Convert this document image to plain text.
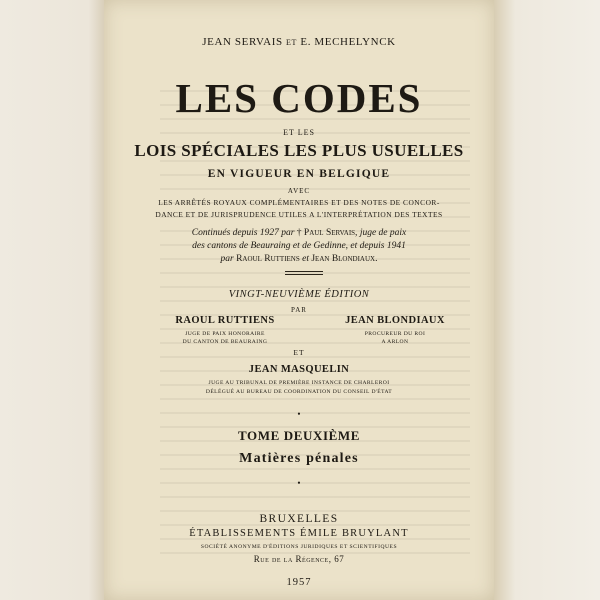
JEAN SERVAIS ET E. MECHELYNCK
LES CODES
ET LES
LOIS SPÉCIALES LES PLUS USUELLES
EN VIGUEUR EN BELGIQUE
AVEC
LES ARRÊTÉS ROYAUX COMPLÉMENTAIRES ET DES NOTES DE CONCOR-
DANCE ET DE JURISPRUDENCE UTILES A L'INTERPRÉTATION DES TEXTES
Continués depuis 1927 par † Paul Servais, juge de paix
des cantons de Beauraing et de Gedinne, et depuis 1941
par Raoul Ruttiens et Jean Blondiaux.
VINGT-NEUVIÈME ÉDITION
PAR
RAOUL RUTTIENS
JUGE DE PAIX HONORAIRE
DU CANTON DE BEAURAING
JEAN BLONDIAUX
PROCUREUR DU ROI
A ARLON
ET
JEAN MASQUELIN
JUGE AU TRIBUNAL DE PREMIÈRE INSTANCE DE CHARLEROI
DÉLÉGUÉ AU BUREAU DE COORDINATION DU CONSEIL D'ÉTAT
•
TOME DEUXIÈME
Matières pénales
•
BRUXELLES
ÉTABLISSEMENTS ÉMILE BRUYLANT
SOCIÉTÉ ANONYME D'ÉDITIONS JURIDIQUES ET SCIENTIFIQUES
Rue de la Régence, 67
1957
